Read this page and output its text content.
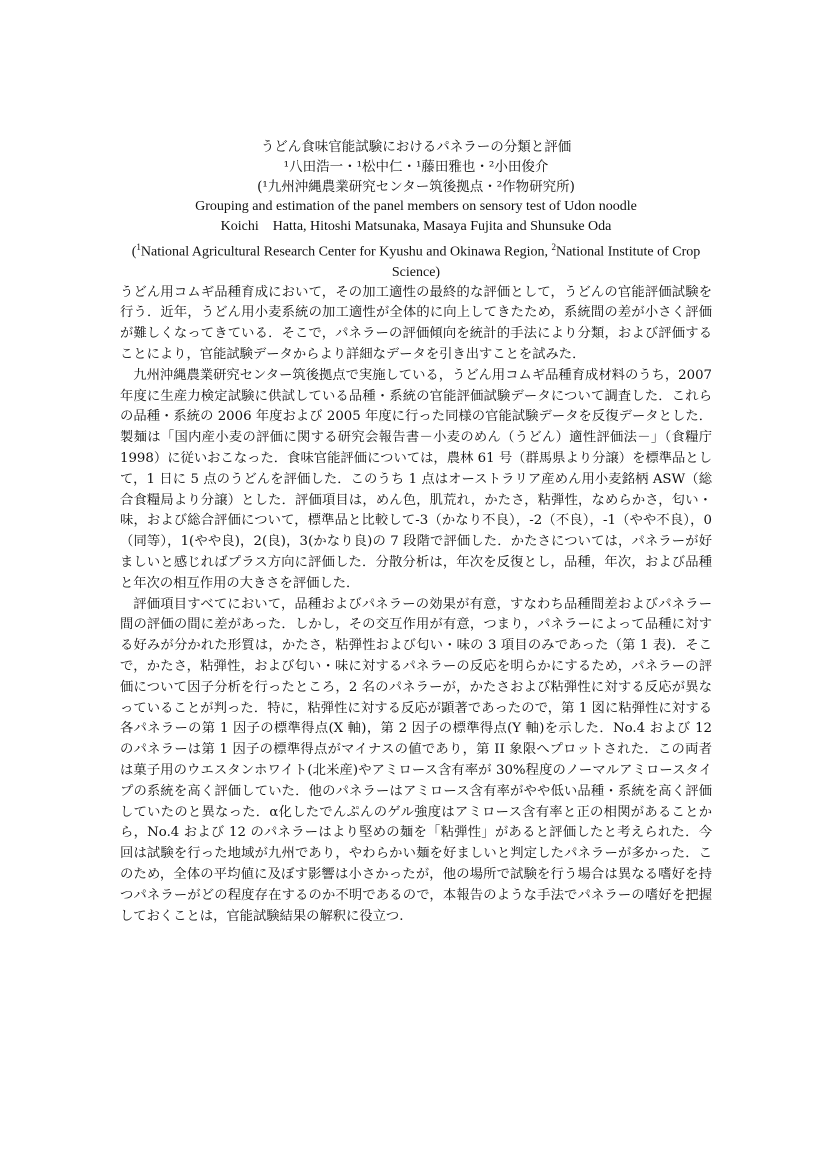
うどん食味官能試験におけるパネラーの分類と評価
¹八田浩一・¹松中仁・¹藤田雅也・²小田俊介
(¹九州沖縄農業研究センター筑後拠点・²作物研究所)
Grouping and estimation of the panel members on sensory test of Udon noodle
Koichi　Hatta, Hitoshi Matsunaka, Masaya Fujita and Shunsuke Oda
($^1$National Agricultural Research Center for Kyushu and Okinawa Region, $^2$National Institute of Crop Science)

うどん用コムギ品種育成において，その加工適性の最終的な評価として，うどんの官能評価試験を行う．近年，うどん用小麦系統の加工適性が全体的に向上してきたため，系統間の差が小さく評価が難しくなってきている．そこで，パネラーの評価傾向を統計的手法により分類，および評価することにより，官能試験データからより詳細なデータを引き出すことを試みた．

九州沖縄農業研究センター筑後拠点で実施している，うどん用コムギ品種育成材料のうち，2007年度に生産力検定試験に供試している品種・系統の官能評価試験データについて調査した．これらの品種・系統の 2006 年度および 2005 年度に行った同様の官能試験データを反復データとした．製麺は「国内産小麦の評価に関する研究会報告書－小麦のめん（うどん）適性評価法－」（食糧庁　1998）に従いおこなった．食味官能評価については，農林 61 号（群馬県より分譲）を標準品として，1 日に 5 点のうどんを評価した．このうち 1 点はオーストラリア産めん用小麦銘柄 ASW（総合食糧局より分譲）とした．評価項目は，めん色，肌荒れ，かたさ，粘弾性，なめらかさ，匂い・味，および総合評価について，標準品と比較して-3（かなり不良），-2（不良），-1（やや不良），0（同等），1(やや良)，2(良)，3(かなり良)の 7 段階で評価した．かたさについては，パネラーが好ましいと感じればプラス方向に評価した．分散分析は，年次を反復とし，品種，年次，および品種と年次の相互作用の大きさを評価した．

評価項目すべてにおいて，品種およびパネラーの効果が有意，すなわち品種間差およびパネラー間の評価の間に差があった．しかし，その交互作用が有意，つまり，パネラーによって品種に対する好みが分かれた形質は，かたさ，粘弾性および匂い・味の 3 項目のみであった（第 1 表)．そこで，かたさ，粘弾性，および匂い・味に対するパネラーの反応を明らかにするため，パネラーの評価について因子分析を行ったところ，2 名のパネラーが，かたさおよび粘弾性に対する反応が異なっていることが判った．特に，粘弾性に対する反応が顕著であったので，第 1 図に粘弾性に対する各パネラーの第 1 因子の標準得点(X 軸)，第 2 因子の標準得点(Y 軸)を示した．No.4 および 12 のパネラーは第 1 因子の標準得点がマイナスの値であり，第 II 象限へプロットされた．この両者は菓子用のウエスタンホワイト(北米産)やアミロース含有率が 30%程度のノーマルアミロースタイプの系統を高く評価していた．他のパネラーはアミロース含有率がやや低い品種・系統を高く評価していたのと異なった．α化したでんぷんのゲル強度はアミロース含有率と正の相関があることから，No.4 および 12 のパネラーはより堅めの麺を「粘弾性」があると評価したと考えられた．今回は試験を行った地域が九州であり，やわらかい麺を好ましいと判定したパネラーが多かった．このため，全体の平均値に及ぼす影響は小さかったが，他の場所で試験を行う場合は異なる嗜好を持つパネラーがどの程度存在するのか不明であるので，本報告のような手法でパネラーの嗜好を把握しておくことは，官能試験結果の解釈に役立つ.
